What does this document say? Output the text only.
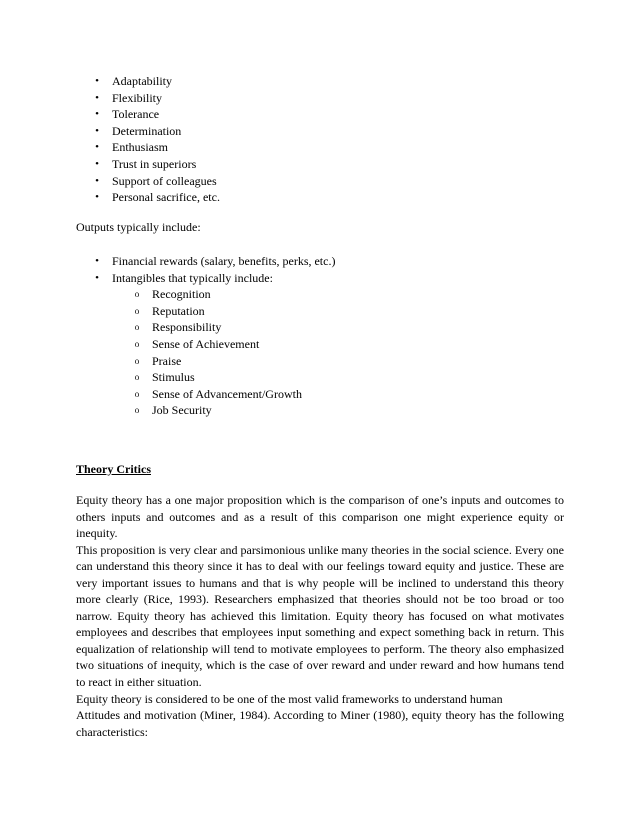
• Adaptability
• Flexibility
• Tolerance
• Determination
• Enthusiasm
• Trust in superiors
• Support of colleagues
• Personal sacrifice, etc.
Outputs typically include:
• Financial rewards (salary, benefits, perks, etc.)
• Intangibles that typically include:
o Recognition
o Reputation
o Responsibility
o Sense of Achievement
o Praise
o Stimulus
o Sense of Advancement/Growth
o Job Security
Theory Critics

Equity theory has a one major proposition which is the comparison of one’s inputs and outcomes to others inputs and outcomes and as a result of this comparison one might experience equity or inequity.

This proposition is very clear and parsimonious unlike many theories in the social science. Every one can understand this theory since it has to deal with our feelings toward equity and justice. These are very important issues to humans and that is why people will be inclined to understand this theory more clearly (Rice, 1993). Researchers emphasized that theories should not be too broad or too narrow. Equity theory has achieved this limitation. Equity theory has focused on what motivates employees and describes that employees input something and expect something back in return. This equalization of relationship will tend to motivate employees to perform. The theory also emphasized two situations of inequity, which is the case of over reward and under reward and how humans tend to react in either situation.

Equity theory is considered to be one of the most valid frameworks to understand human

Attitudes and motivation (Miner, 1984). According to Miner (1980), equity theory has the following characteristics:
